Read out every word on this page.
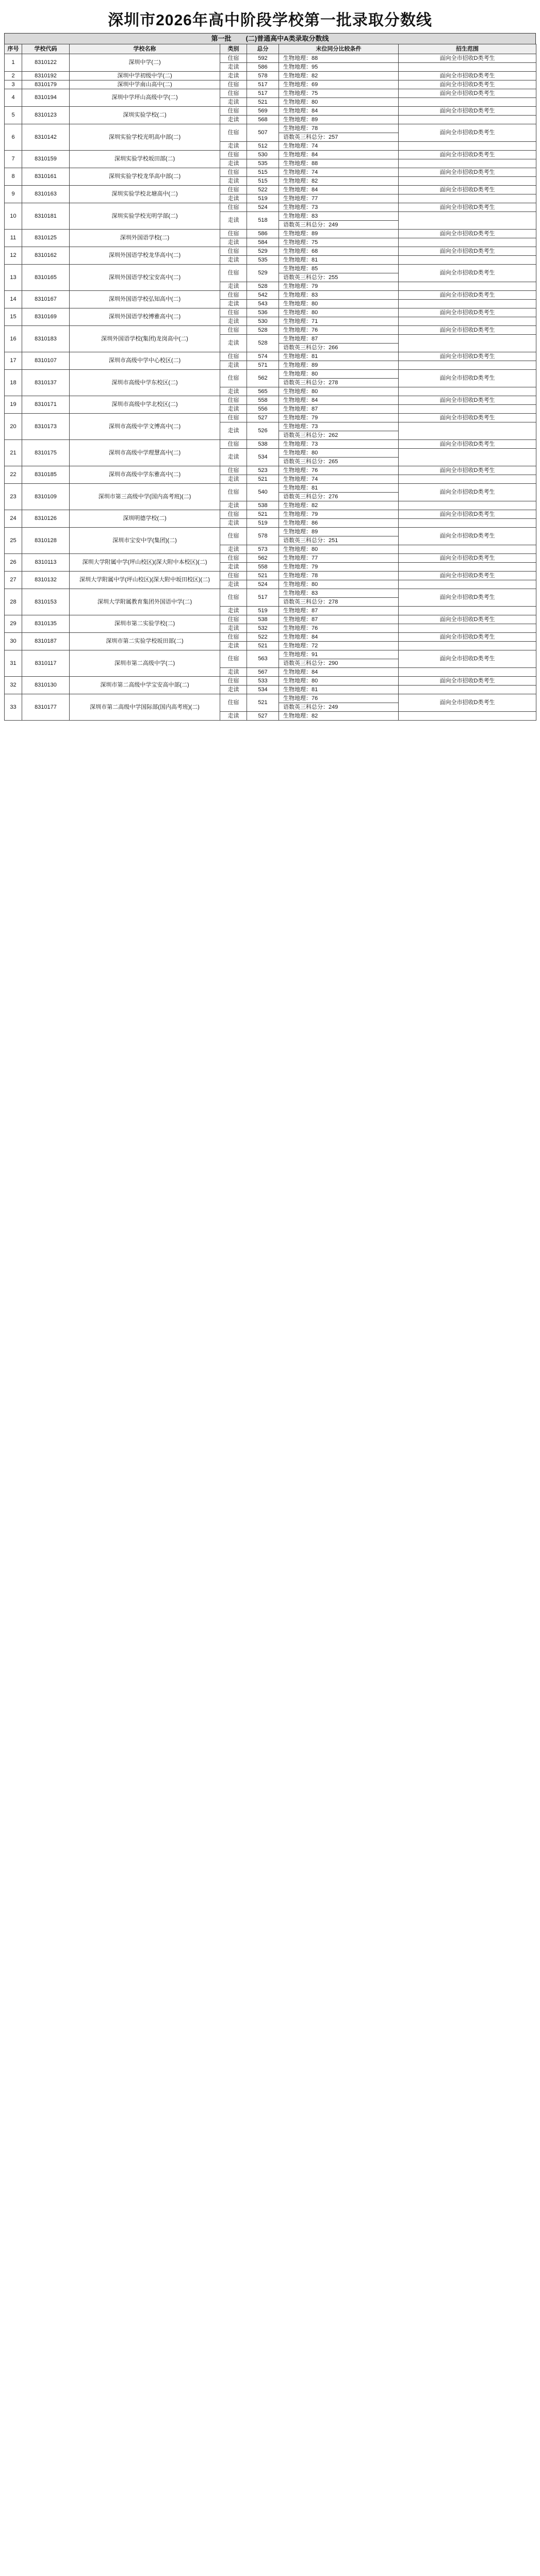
深圳市2026年高中阶段学校第一批录取分数线
第一批 (二)普通高中A类录取分数线
序号	学校代码	学校名称	类别	总分	末位同分比较条件	招生范围
1	8310122	深圳中学(二)	住宿	592	生物地理：88	面向全市招收D类考生
			走读	586	生物地理：95	
2	8310192	深圳中学初级中学(二)	走读	578	生物地理：82	面向全市招收D类考生
3	8310179	深圳中学南山高中(二)	住宿	517	生物地理：69	面向全市招收D类考生
4	8310194	深圳中学坪山高级中学(二)	住宿	517	生物地理：75	面向全市招收D类考生
			走读	521	生物地理：80	
5	8310123	深圳实验学校(二)	住宿	569	生物地理：84	面向全市招收D类考生
			走读	568	生物地理：89	
6	8310142	深圳实验学校光明高中部(二)	住宿	507	生物地理：78	面向全市招收D类考生
					语数英三科总分：257	
			走读	512	生物地理：74	
7	8310159	深圳实验学校坂田部(二)	住宿	530	生物地理：84	面向全市招收D类考生
			走读	535	生物地理：88	
8	8310161	深圳实验学校龙华高中部(二)	住宿	515	生物地理：74	面向全市招收D类考生
			走读	515	生物地理：82	
9	8310163	深圳实验学校北塘高中(二)	住宿	522	生物地理：84	面向全市招收D类考生
			走读	519	生物地理：77	
10	8310181	深圳实验学校光明学部(二)	住宿	524	生物地理：73	面向全市招收D类考生
			走读	518	生物地理：83	
					语数英三科总分：249	
11	8310125	深圳外国语学校(二)	住宿	586	生物地理：89	面向全市招收D类考生
			走读	584	生物地理：75	
12	8310162	深圳外国语学校龙华高中(二)	住宿	529	生物地理：68	面向全市招收D类考生
			走读	535	生物地理：81	
13	8310165	深圳外国语学校宝安高中(二)	住宿	529	生物地理：85	面向全市招收D类考生
					语数英三科总分：255	
			走读	528	生物地理：79	
14	8310167	深圳外国语学校弘知高中(二)	住宿	542	生物地理：83	面向全市招收D类考生
			走读	543	生物地理：80	
15	8310169	深圳外国语学校博雅高中(二)	住宿	536	生物地理：80	面向全市招收D类考生
			走读	530	生物地理：71	
16	8310183	深圳外国语学校(集团)龙岗高中(二)	住宿	528	生物地理：76	面向全市招收D类考生
			走读	528	生物地理：87	
					语数英三科总分：266	
17	8310107	深圳市高级中学中心校区(二)	住宿	574	生物地理：81	面向全市招收D类考生
			走读	571	生物地理：89	
18	8310137	深圳市高级中学东校区(二)	住宿	562	生物地理：80	面向全市招收D类考生
					语数英三科总分：278	
			走读	565	生物地理：80	
19	8310171	深圳市高级中学北校区(二)	住宿	558	生物地理：84	面向全市招收D类考生
			走读	556	生物地理：87	
20	8310173	深圳市高级中学文博高中(二)	住宿	527	生物地理：79	面向全市招收D类考生
			走读	526	生物地理：73	
					语数英三科总分：262	
21	8310175	深圳市高级中学理慧高中(二)	住宿	538	生物地理：73	面向全市招收D类考生
			走读	534	生物地理：80	
					语数英三科总分：265	
22	8310185	深圳市高级中学东雅高中(二)	住宿	523	生物地理：76	面向全市招收D类考生
			走读	521	生物地理：74	
23	8310109	深圳市第三高级中学(国内高考班)(二)	住宿	540	生物地理：81	面向全市招收D类考生
					语数英三科总分：276	
			走读	538	生物地理：82	
24	8310126	深圳明德学校(二)	住宿	521	生物地理：79	面向全市招收D类考生
			走读	519	生物地理：86	
25	8310128	深圳市宝安中学(集团)(二)	住宿	578	生物地理：89	面向全市招收D类考生
					语数英三科总分：251	
			走读	573	生物地理：80	
26	8310113	深圳大学附属中学(坪山校区)(深大附中本校区)(二)	住宿	562	生物地理：77	面向全市招收D类考生
			走读	558	生物地理：79	
27	8310132	深圳大学附属中学(坪山校区)(深大附中坂田校区)(二)	住宿	521	生物地理：78	面向全市招收D类考生
			走读	524	生物地理：80	
28	8310153	深圳大学附属教育集团外国语中学(二)	住宿	517	生物地理：83	面向全市招收D类考生
					语数英三科总分：278	
			走读	519	生物地理：87	
29	8310135	深圳市第二实验学校(二)	住宿	538	生物地理：87	面向全市招收D类考生
			走读	532	生物地理：76	
30	8310187	深圳市第二实验学校坂田部(二)	住宿	522	生物地理：84	面向全市招收D类考生
			走读	521	生物地理：72	
31	8310117	深圳市第二高级中学(二)	住宿	563	生物地理：91	面向全市招收D类考生
					语数英三科总分：290	
			走读	567	生物地理：84	
32	8310130	深圳市第二高级中学宝安高中部(二)	住宿	533	生物地理：80	面向全市招收D类考生
			走读	534	生物地理：81	
33	8310177	深圳市第二高级中学国际部(国内高考班)(二)	住宿	521	生物地理：76	面向全市招收D类考生
					语数英三科总分：249	
			走读	527	生物地理：82	
